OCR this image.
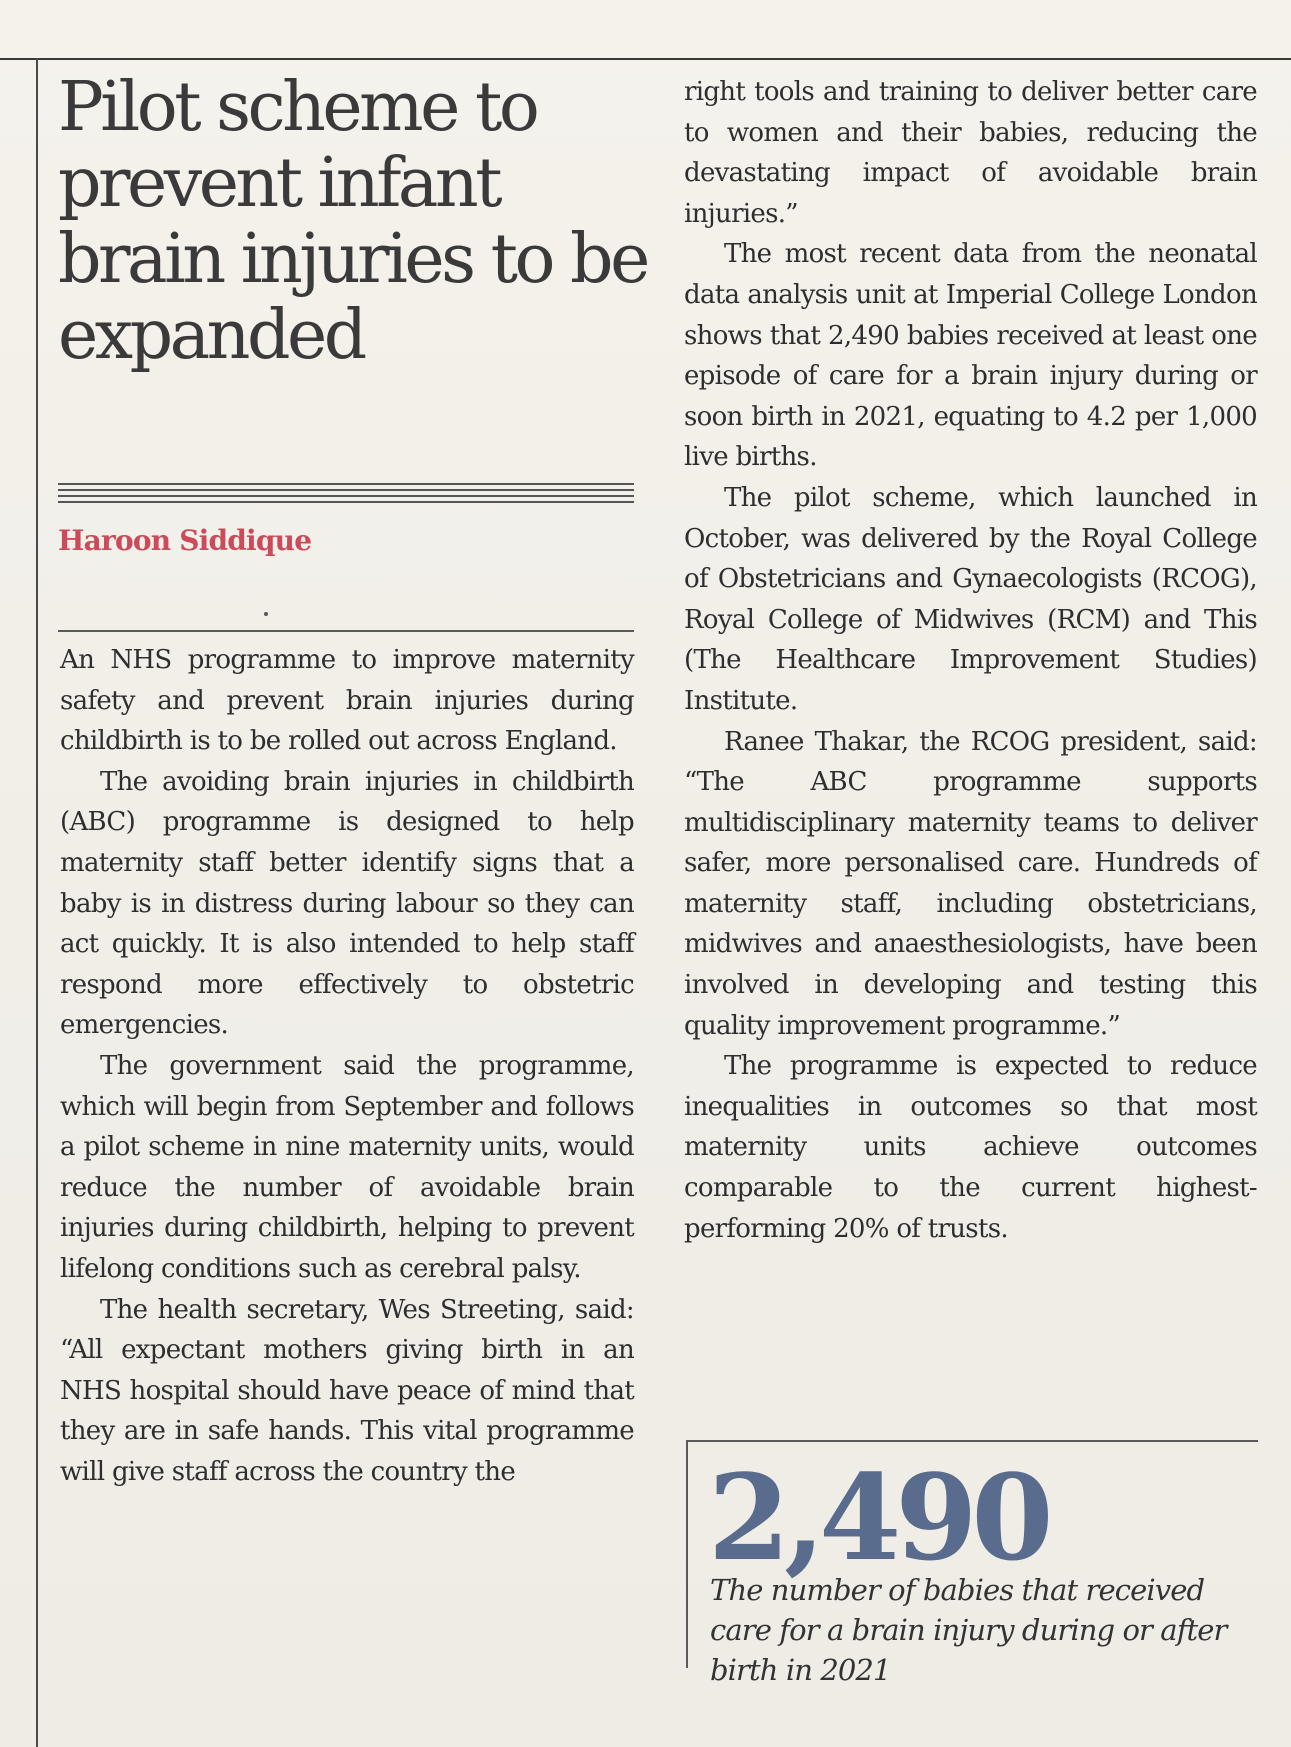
Pilot scheme to prevent infant brain injuries to be expanded
Haroon Siddique

An NHS programme to improve maternity safety and prevent brain injuries during childbirth is to be rolled out across England.

The avoiding brain injuries in childbirth (ABC) programme is designed to help maternity staff better identify signs that a baby is in distress during labour so they can act quickly. It is also intended to help staff respond more effectively to obstetric emergencies.

The government said the programme, which will begin from September and follows a pilot scheme in nine maternity units, would reduce the number of avoidable brain injuries during childbirth, helping to prevent lifelong conditions such as cerebral palsy.

The health secretary, Wes Streeting, said: “All expectant mothers giving birth in an NHS hospital should have peace of mind that they are in safe hands. This vital programme will give staff across the country the

right tools and training to deliver better care to women and their babies, reducing the devastating impact of avoidable brain injuries.”

The most recent data from the neonatal data analysis unit at Imperial College London shows that 2,490 babies received at least one episode of care for a brain injury during or soon birth in 2021, equating to 4.2 per 1,000 live births.

The pilot scheme, which launched in October, was delivered by the Royal College of Obstetricians and Gynaecologists (RCOG), Royal College of Midwives (RCM) and This (The Healthcare Improvement Studies) Institute.

Ranee Thakar, the RCOG president, said: “The ABC programme supports multidisciplinary maternity teams to deliver safer, more personalised care. Hundreds of maternity staff, including obstetricians, midwives and anaesthesiologists, have been involved in developing and testing this quality improvement programme.”

The programme is expected to reduce inequalities in outcomes so that most maternity units achieve outcomes comparable to the current highest-performing 20% of trusts.

2,490
The number of babies that received care for a brain injury during or after birth in 2021
